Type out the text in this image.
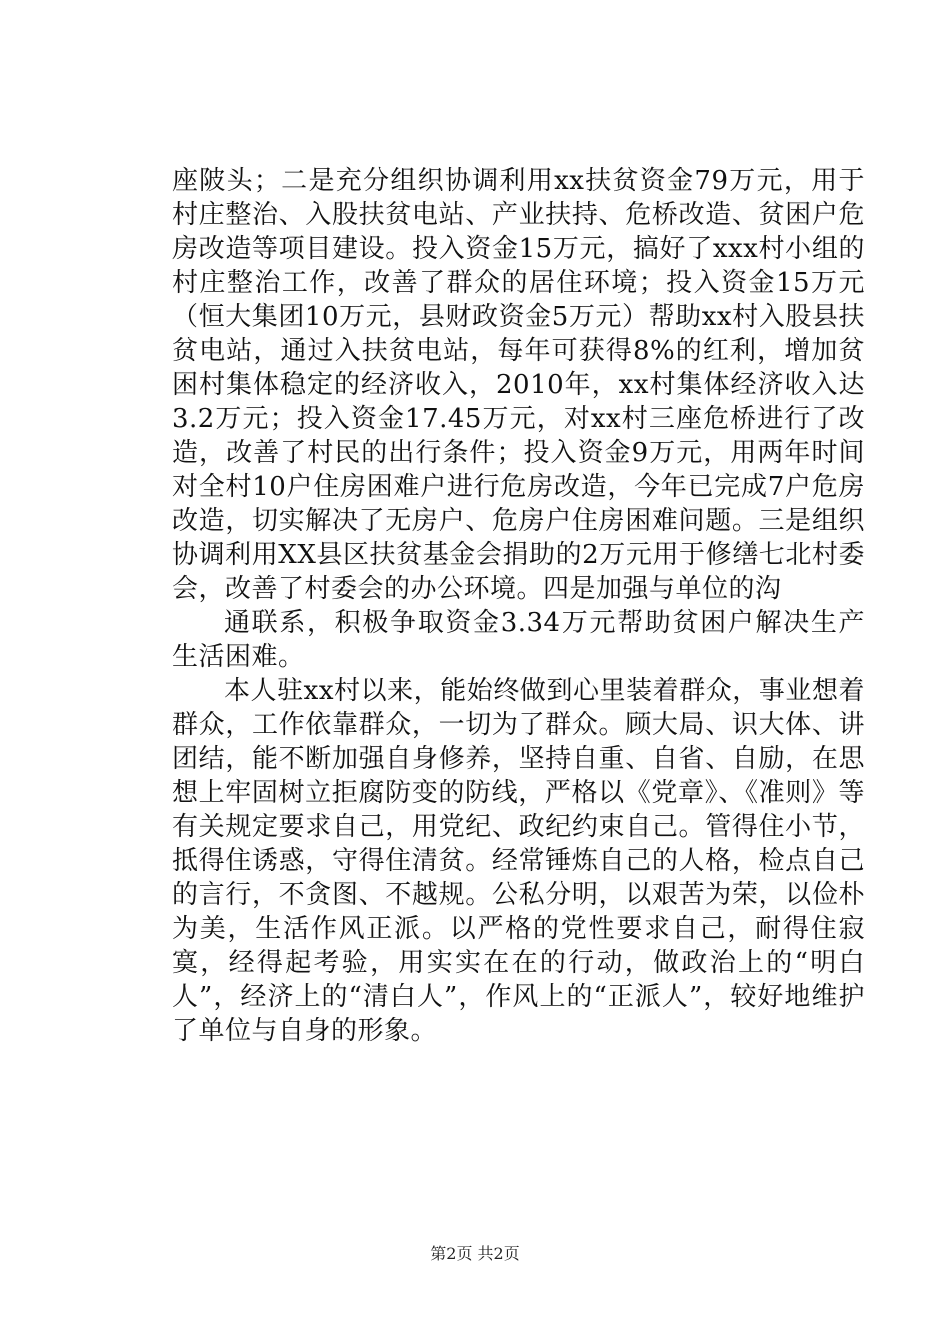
座陂头；二是充分组织协调利用xx扶贫资金79万元，用于村庄整治、入股扶贫电站、产业扶持、危桥改造、贫困户危房改造等项目建设。投入资金15万元，搞好了xxx村小组的村庄整治工作，改善了群众的居住环境；投入资金15万元（恒大集团10万元，县财政资金5万元）帮助xx村入股县扶贫电站，通过入扶贫电站，每年可获得8%的红利，增加贫困村集体稳定的经济收入，2010年，xx村集体经济收入达3.2万元；投入资金17.45万元，对xx村三座危桥进行了改造，改善了村民的出行条件；投入资金9万元，用两年时间对全村10户住房困难户进行危房改造，今年已完成7户危房改造，切实解决了无房户、危房户住房困难问题。三是组织协调利用XX县区扶贫基金会捐助的2万元用于修缮七北村委会，改善了村委会的办公环境。四是加强与单位的沟

通联系，积极争取资金3.34万元帮助贫困户解决生产生活困难。

本人驻xx村以来，能始终做到心里装着群众，事业想着群众，工作依靠群众，一切为了群众。顾大局、识大体、讲团结，能不断加强自身修养，坚持自重、自省、自励，在思想上牢固树立拒腐防变的防线，严格以《党章》、《准则》等有关规定要求自己，用党纪、政纪约束自己。管得住小节，抵得住诱惑，守得住清贫。经常锤炼自己的人格，检点自己的言行，不贪图、不越规。公私分明，以艰苦为荣，以俭朴为美，生活作风正派。以严格的党性要求自己，耐得住寂寞，经得起考验，用实实在在的行动，做政治上的“明白人”，经济上的“清白人”，作风上的“正派人”，较好地维护了单位与自身的形象。

第2页 共2页
